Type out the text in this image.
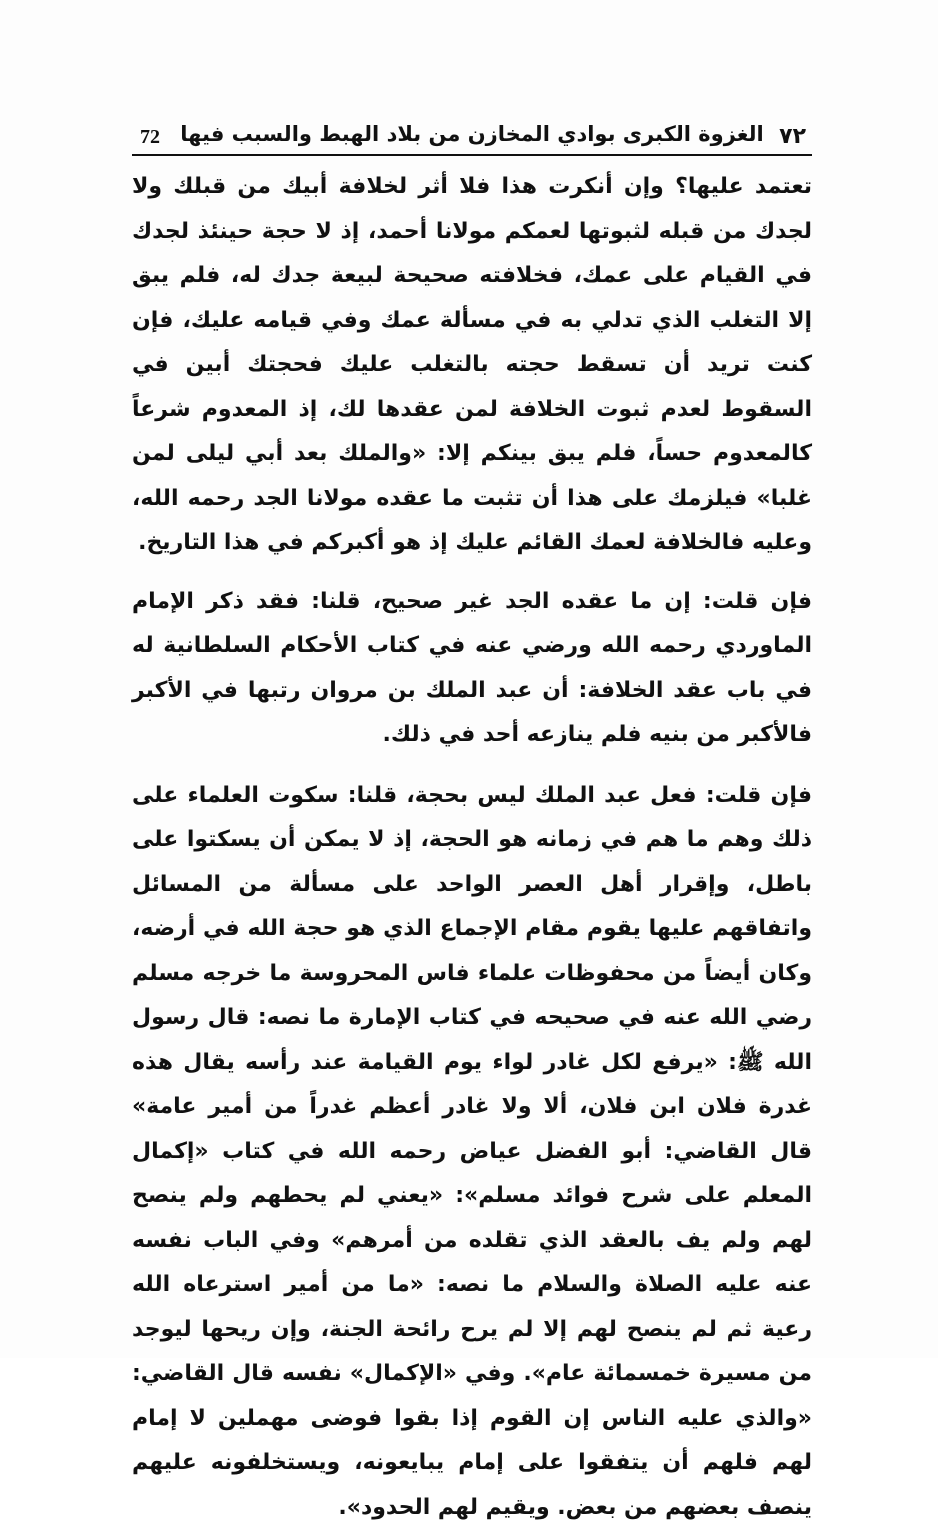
72 الغزوة الكبرى بوادي المخازن من بلاد الهبط والسبب فيها ٧٢

تعتمد عليها؟ وإن أنكرت هذا فلا أثر لخلافة أبيك من قبلك ولا لجدك من قبله لثبوتها لعمكم مولانا أحمد، إذ لا حجة حينئذ لجدك في القيام على عمك، فخلافته صحيحة لبيعة جدك له، فلم يبق إلا التغلب الذي تدلي به في مسألة عمك وفي قيامه عليك، فإن كنت تريد أن تسقط حجته بالتغلب عليك فحجتك أبين في السقوط لعدم ثبوت الخلافة لمن عقدها لك، إذ المعدوم شرعاً كالمعدوم حساً، فلم يبق بينكم إلا: «والملك بعد أبي ليلى لمن غلبا» فيلزمك على هذا أن تثبت ما عقده مولانا الجد رحمه الله، وعليه فالخلافة لعمك القائم عليك إذ هو أكبركم في هذا التاريخ.

فإن قلت: إن ما عقده الجد غير صحيح، قلنا: فقد ذكر الإمام الماوردي رحمه الله ورضي عنه في كتاب الأحكام السلطانية له في باب عقد الخلافة: أن عبد الملك بن مروان رتبها في الأكبر فالأكبر من بنيه فلم ينازعه أحد في ذلك.

فإن قلت: فعل عبد الملك ليس بحجة، قلنا: سكوت العلماء على ذلك وهم ما هم في زمانه هو الحجة، إذ لا يمكن أن يسكتوا على باطل، وإقرار أهل العصر الواحد على مسألة من المسائل واتفاقهم عليها يقوم مقام الإجماع الذي هو حجة الله في أرضه، وكان أيضاً من محفوظات علماء فاس المحروسة ما خرجه مسلم رضي الله عنه في صحيحه في كتاب الإمارة ما نصه: قال رسول الله ﷺ: «يرفع لكل غادر لواء يوم القيامة عند رأسه يقال هذه غدرة فلان ابن فلان، ألا ولا غادر أعظم غدراً من أمير عامة» قال القاضي: أبو الفضل عياض رحمه الله في كتاب «إكمال المعلم على شرح فوائد مسلم»: «يعني لم يحطهم ولم ينصح لهم ولم يف بالعقد الذي تقلده من أمرهم» وفي الباب نفسه عنه عليه الصلاة والسلام ما نصه: «ما من أمير استرعاه الله رعية ثم لم ينصح لهم إلا لم يرح رائحة الجنة، وإن ريحها ليوجد من مسيرة خمسمائة عام». وفي «الإكمال» نفسه قال القاضي: «والذي عليه الناس إن القوم إذا بقوا فوضى مهملين لا إمام لهم فلهم أن يتفقوا على إمام يبايعونه، ويستخلفونه عليهم ينصف بعضهم من بعض. ويقيم لهم الحدود».
